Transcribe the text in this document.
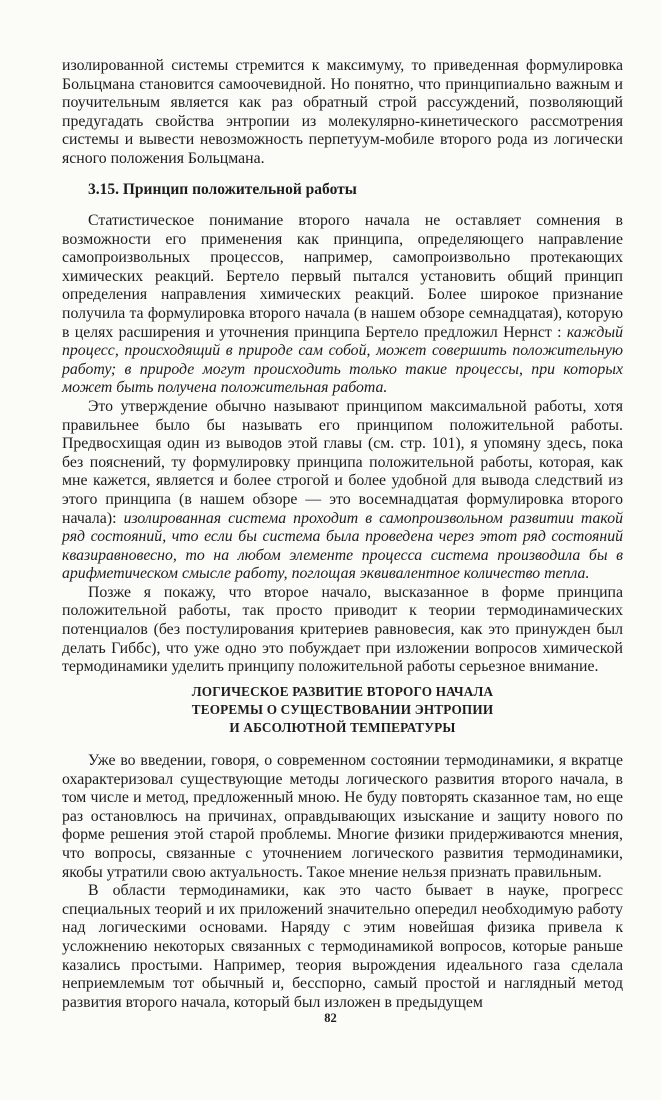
изолированной системы стремится к максимуму, то приведенная формулировка Больцмана становится самоочевидной. Но понятно, что принципиально важным и поучительным является как раз обратный строй рассуждений, позволяющий предугадать свойства энтропии из молекулярно-кинетического рассмотрения системы и вывести невозможность перпетуум-мобиле второго рода из логически ясного положения Больцмана.

3.15. Принцип положительной работы

Статистическое понимание второго начала не оставляет сомнения в возможности его применения как принципа, определяющего направление самопроизвольных процессов, например, самопроизвольно протекающих химических реакций. Бертело первый пытался установить общий принцип определения направления химических реакций. Более широкое признание получила та формулировка второго начала (в нашем обзоре семнадцатая), которую в целях расширения и уточнения принципа Бертело предложил Нернст : каждый процесс, происходящий в природе сам собой, может совершить положительную работу; в природе могут происходить только такие процессы, при которых может быть получена положительная работа.

Это утверждение обычно называют принципом максимальной работы, хотя правильнее было бы называть его принципом положительной работы. Предвосхищая один из выводов этой главы (см. стр. 101), я упомяну здесь, пока без пояснений, ту формулировку принципа положительной работы, которая, как мне кажется, является и более строгой и более удобной для вывода следствий из этого принципа (в нашем обзоре — это восемнадцатая формулировка второго начала): изолированная система проходит в самопроизвольном развитии такой ряд состояний, что если бы система была проведена через этот ряд состояний квазиравновесно, то на любом элементе процесса система производила бы в арифметическом смысле работу, поглощая эквивалентное количество тепла.

Позже я покажу, что второе начало, высказанное в форме принципа положительной работы, так просто приводит к теории термодинамических потенциалов (без постулирования критериев равновесия, как это принужден был делать Гиббс), что уже одно это побуждает при изложении вопросов химической термодинамики уделить принципу положительной работы серьезное внимание.

ЛОГИЧЕСКОЕ РАЗВИТИЕ ВТОРОГО НАЧАЛА
ТЕОРЕМЫ О СУЩЕСТВОВАНИИ ЭНТРОПИИ
И АБСОЛЮТНОЙ ТЕМПЕРАТУРЫ

Уже во введении, говоря, о современном состоянии термодинамики, я вкратце охарактеризовал существующие методы логического развития второго начала, в том числе и метод, предложенный мною. Не буду повторять сказанное там, но еще раз остановлюсь на причинах, оправдывающих изыскание и защиту нового по форме решения этой старой проблемы. Многие физики придерживаются мнения, что вопросы, связанные с уточнением логического развития термодинамики, якобы утратили свою актуальность. Такое мнение нельзя признать правильным.

В области термодинамики, как это часто бывает в науке, прогресс специальных теорий и их приложений значительно опередил необходимую работу над логическими основами. Наряду с этим новейшая физика привела к усложнению некоторых связанных с термодинамикой вопросов, которые раньше казались простыми. Например, теория вырождения идеального газа сделала неприемлемым тот обычный и, бесспорно, самый простой и наглядный метод развития второго начала, который был изложен в предыдущем

82
